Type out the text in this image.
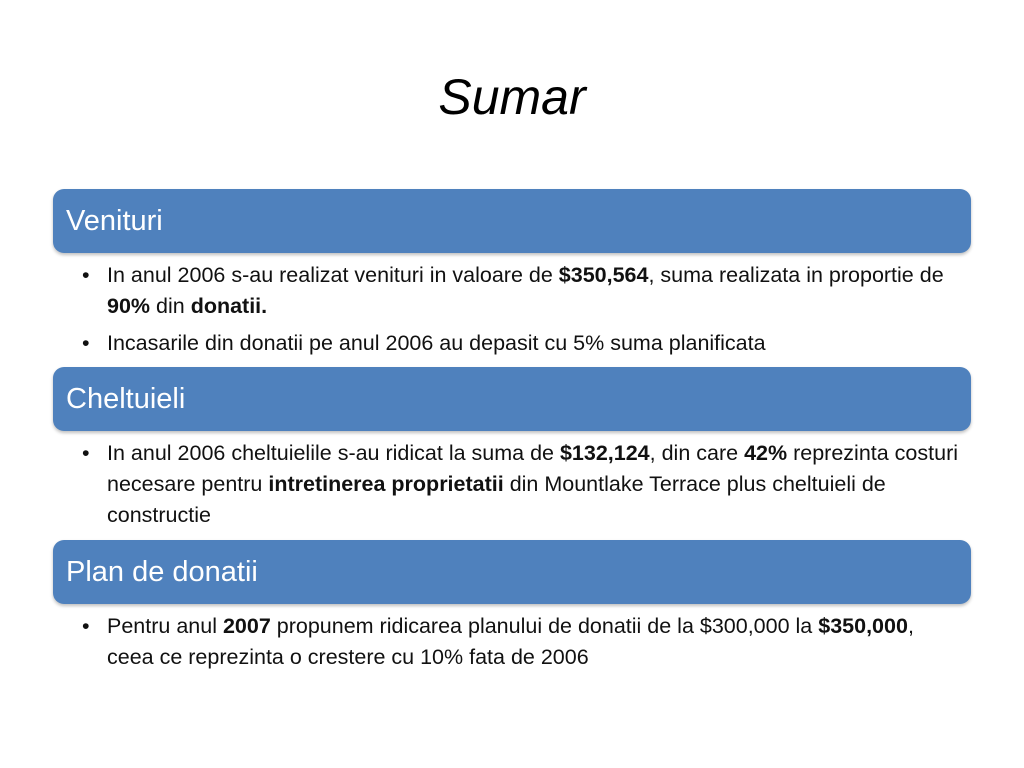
Sumar
Venituri
• In anul 2006 s-au realizat venituri in valoare de $350,564, suma realizata in proportie de 90% din donatii.
• Incasarile din donatii pe anul 2006 au depasit cu 5% suma planificata
Cheltuieli
• In anul 2006 cheltuielile s-au ridicat la suma de $132,124, din care 42% reprezinta costuri necesare pentru intretinerea proprietatii din Mountlake Terrace plus cheltuieli de constructie
Plan de donatii
• Pentru anul 2007 propunem ridicarea planului de donatii de la $300,000 la $350,000, ceea ce reprezinta o crestere cu 10% fata de 2006
